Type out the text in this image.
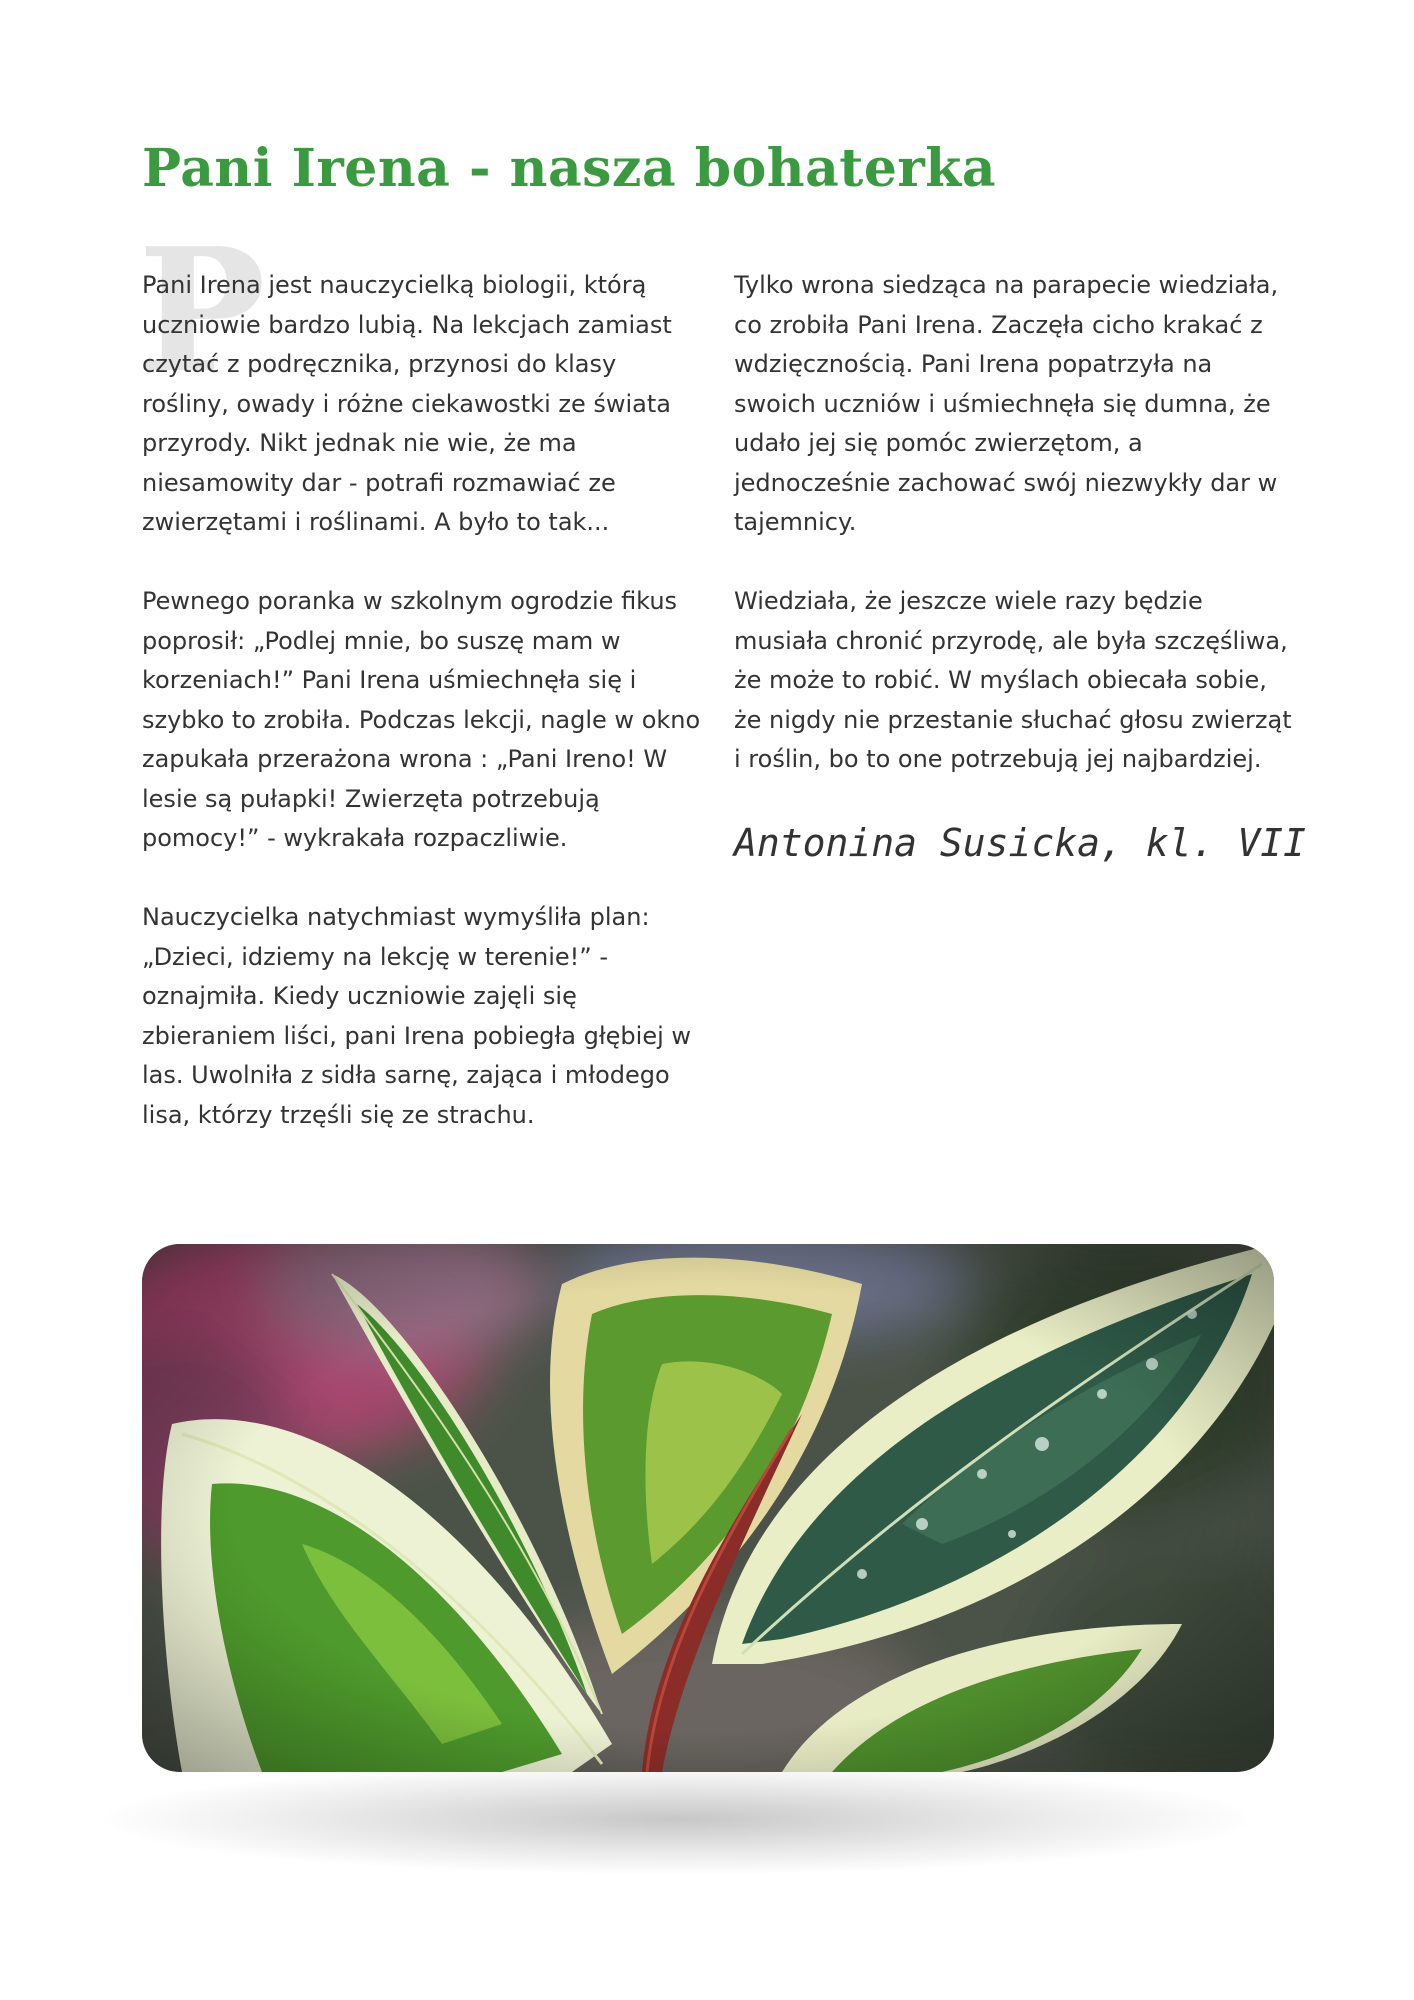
Pani Irena - nasza bohaterka
P

Pani Irena jest nauczycielką biologii, którą uczniowie bardzo lubią. Na lekcjach zamiast czytać z podręcznika, przynosi do klasy rośliny, owady i różne ciekawostki ze świata przyrody. Nikt jednak nie wie, że ma niesamowity dar - potrafi rozmawiać ze zwierzętami i roślinami. A było to tak...

Pewnego poranka w szkolnym ogrodzie fikus poprosił: „Podlej mnie, bo suszę mam w korzeniach!” Pani Irena uśmiechnęła się i szybko to zrobiła. Podczas lekcji, nagle w okno zapukała przerażona wrona : „Pani Ireno! W lesie są pułapki! Zwierzęta potrzebują pomocy!” - wykrakała rozpaczliwie.

Nauczycielka natychmiast wymyśliła plan: „Dzieci, idziemy na lekcję w terenie!” - oznajmiła. Kiedy uczniowie zajęli się zbieraniem liści, pani Irena pobiegła głębiej w las. Uwolniła z sidła sarnę, zająca i młodego lisa, którzy trzęśli się ze strachu.

Tylko wrona siedząca na parapecie wiedziała, co zrobiła Pani Irena. Zaczęła cicho krakać z wdzięcznością. Pani Irena popatrzyła na swoich uczniów i uśmiechnęła się dumna, że udało jej się pomóc zwierzętom, a jednocześnie zachować swój niezwykły dar w tajemnicy.

Wiedziała, że jeszcze wiele razy będzie musiała chronić przyrodę, ale była szczęśliwa, że może to robić. W myślach obiecała sobie, że nigdy nie przestanie słuchać głosu zwierząt i roślin, bo to one potrzebują jej najbardziej.

Antonina Susicka, kl. VII
